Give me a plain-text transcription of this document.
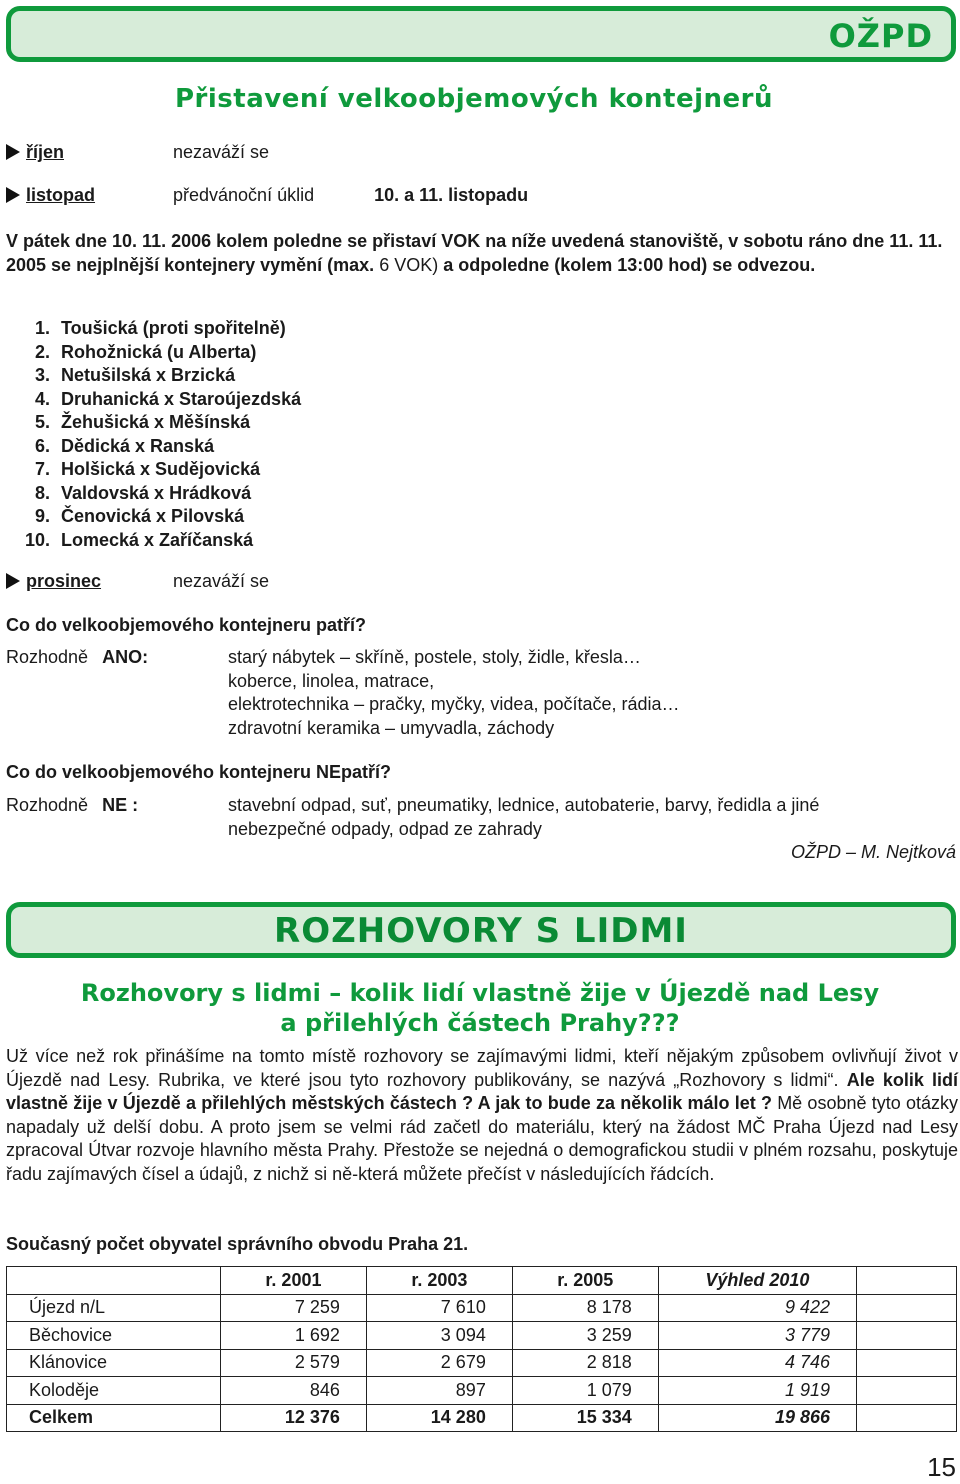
OŽPD
Přistavení velkoobjemových kontejnerů
říjen	nezaváží se
listopad	předvánoční úklid	10. a 11. listopadu
V pátek dne 10. 11. 2006 kolem poledne se přistaví VOK na níže uvedená stanoviště, v sobotu ráno dne 11. 11. 2005 se nejplnější kontejnery vymění (max. 6 VOK) a odpoledne (kolem 13:00 hod) se odvezou.
1. Toušická (proti spořitelně)
2. Rohožnická (u Alberta)
3. Netušilská x Brzická
4. Druhanická x Staroújezdská
5. Žehušická x Měšínská
6. Dědická x Ranská
7. Holšická x Sudějovická
8. Valdovská x Hrádková
9. Čenovická x Pilovská
10. Lomecká x Zaříčanská
prosinec	nezaváží se
Co do velkoobjemového kontejneru patří?
Rozhodně ANO:	starý nábytek – skříně, postele, stoly, židle, křesla…
koberce, linolea, matrace,
elektrotechnika – pračky, myčky, videa, počítače, rádia…
zdravotní keramika – umyvadla, záchody
Co do velkoobjemového kontejneru NEpatří?
Rozhodně NE :	stavební odpad, suť, pneumatiky, lednice, autobaterie, barvy, ředidla a jiné
nebezpečné odpady, odpad ze zahrady
OŽPD – M. Nejtková
ROZHOVORY S LIDMI
Rozhovory s lidmi – kolik lidí vlastně žije v Újezdě nad Lesy
a přilehlých částech Prahy???
Už více než rok přinášíme na tomto místě rozhovory se zajímavými lidmi, kteří nějakým způsobem ovlivňují život v Újezdě nad Lesy. Rubrika, ve které jsou tyto rozhovory publikovány, se nazývá „Rozhovory s lidmi“. Ale kolik lidí vlastně žije v Újezdě a přilehlých městských částech ? A jak to bude za několik málo let ? Mě osobně tyto otázky napadaly už delší dobu. A proto jsem se velmi rád začetl do materiálu, který na žádost MČ Praha Újezd nad Lesy zpracoval Útvar rozvoje hlavního města Prahy. Přestože se nejedná o demografickou studii v plném rozsahu, poskytuje řadu zajímavých čísel a údajů, z nichž si ně-která můžete přečíst v následujících řádcích.
Současný počet obyvatel správního obvodu Praha 21.
	r. 2001	r. 2003	r. 2005	Výhled 2010	
Újezd n/L	7 259	7 610	8 178	9 422	
Běchovice	1 692	3 094	3 259	3 779	
Klánovice	2 579	2 679	2 818	4 746	
Koloděje	846	897	1 079	1 919	
Celkem	12 376	14 280	15 334	19 866	
15
